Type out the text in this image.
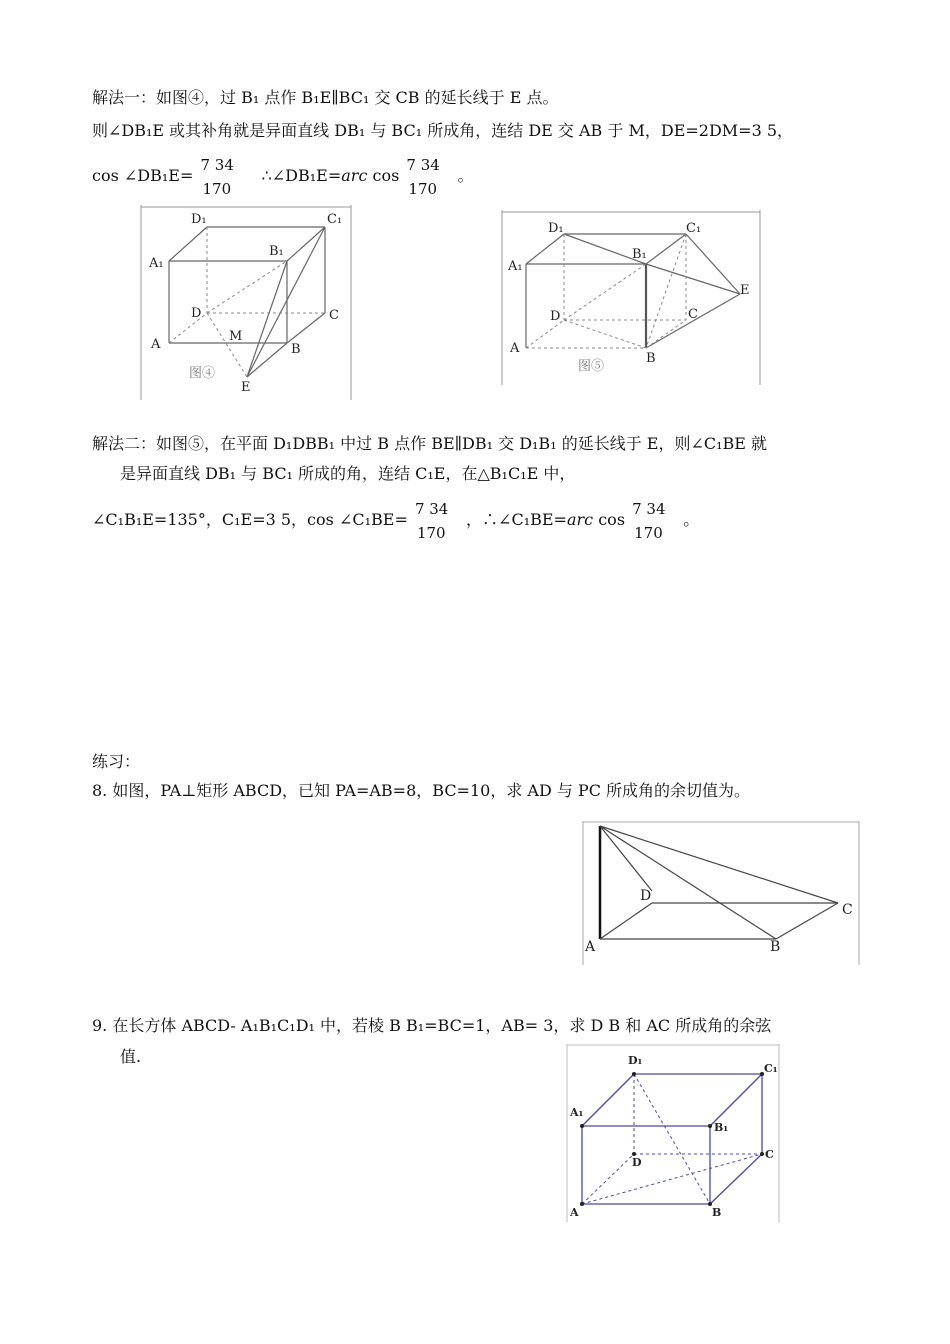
解法一：如图④，过 B₁ 点作 B₁E∥BC₁ 交 CB 的延长线于 E 点。
则∠DB₁E 或其补角就是异面直线 DB₁ 与 BC₁ 所成角，连结 DE 交 AB 于 M，DE=2DM=3 5，
cos ∠DB₁E=
7 34
170
∴∠DB₁E=arc cos
7 34
170
。
D₁	C₁
A₁
B₁
D	C
A
M
B
E
图④
D₁	C₁
A₁
B₁
E
D	C
A
B
图⑤
解法二：如图⑤，在平面 D₁DBB₁ 中过 B 点作 BE∥DB₁ 交 D₁B₁ 的延长线于 E，则∠C₁BE 就
是异面直线 DB₁ 与 BC₁ 所成的角，连结 C₁E，在△B₁C₁E 中，
∠C₁B₁E=135°，C₁E=3 5，cos ∠C₁BE=
7 34
170
，∴∠C₁BE=arc cos
7 34
170
。
练习：
8. 如图，PA⊥矩形 ABCD，已知 PA=AB=8，BC=10，求 AD 与 PC 所成角的余切值为。
D
C
A	B
9. 在长方体 ABCD- A₁B₁C₁D₁ 中，若棱 B B₁=BC=1，AB= 3，求 D B 和 AC 所成角的余弦
值.	D₁
C₁
A₁
B₁
D
C
A	B
